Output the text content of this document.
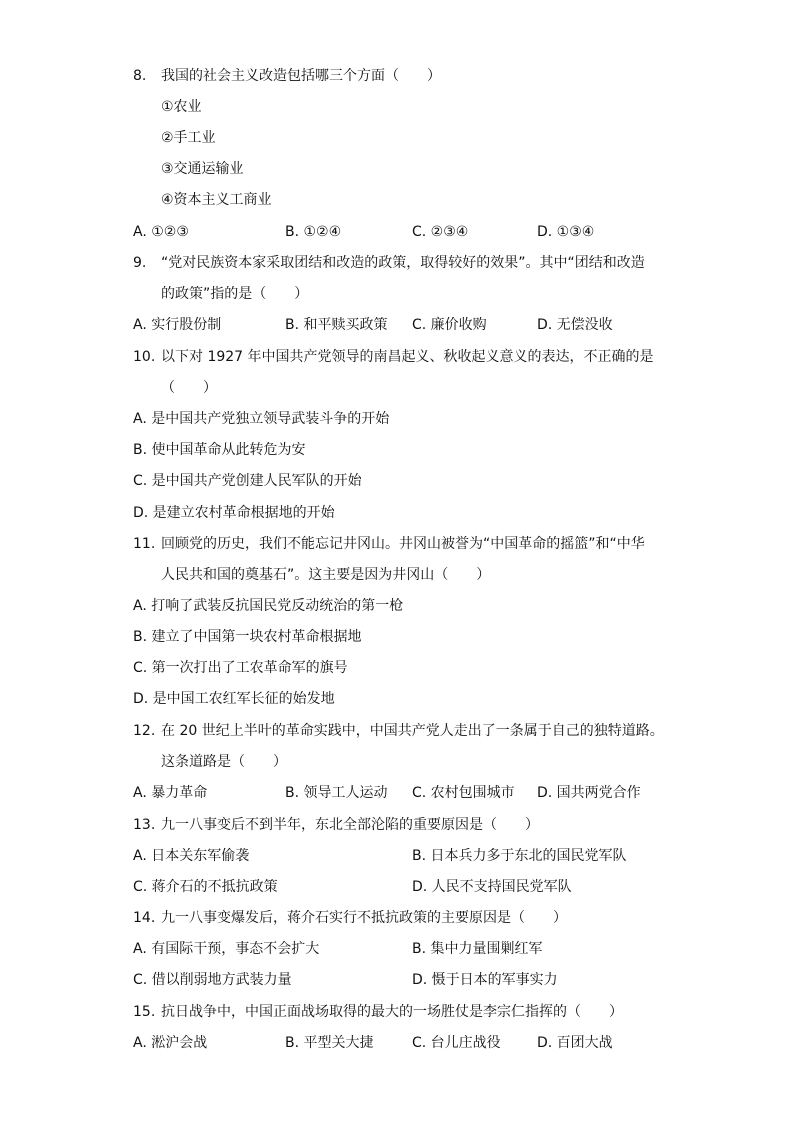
8. 我国的社会主义改造包括哪三个方面（　　）
①农业
②手工业
③交通运输业
④资本主义工商业
A. ①②③	B. ①②④	C. ②③④	D. ①③④
9. “党对民族资本家采取团结和改造的政策，取得较好的效果”。其中“团结和改造
的政策”指的是（　　）
A. 实行股份制	B. 和平赎买政策 C. 廉价收购	D. 无偿没收
10. 以下对 1927 年中国共产党领导的南昌起义、秋收起义意义的表达，不正确的是
（　　）
A. 是中国共产党独立领导武装斗争的开始
B. 使中国革命从此转危为安
C. 是中国共产党创建人民军队的开始
D. 是建立农村革命根据地的开始
11. 回顾党的历史，我们不能忘记井冈山。井冈山被誉为“中国革命的摇篮”和“中华
人民共和国的奠基石”。这主要是因为井冈山（　　）
A. 打响了武装反抗国民党反动统治的第一枪
B. 建立了中国第一块农村革命根据地
C. 第一次打出了工农革命军的旗号
D. 是中国工农红军长征的始发地
12. 在 20 世纪上半叶的革命实践中，中国共产党人走出了一条属于自己的独特道路。
这条道路是（　　）
A. 暴力革命	B. 领导工人运动 C. 农村包围城市 D. 国共两党合作
13. 九一八事变后不到半年，东北全部沦陷的重要原因是（　　）
A. 日本关东军偷袭	B. 日本兵力多于东北的国民党军队
C. 蒋介石的不抵抗政策	D. 人民不支持国民党军队
14. 九一八事变爆发后，蒋介石实行不抵抗政策的主要原因是（　　）
A. 有国际干预，事态不会扩大	B. 集中力量围剿红军
C. 借以削弱地方武装力量	D. 慑于日本的军事实力
15. 抗日战争中，中国正面战场取得的最大的一场胜仗是李宗仁指挥的（　　）
A. 淞沪会战	B. 平型关大捷	C. 台儿庄战役	D. 百团大战
